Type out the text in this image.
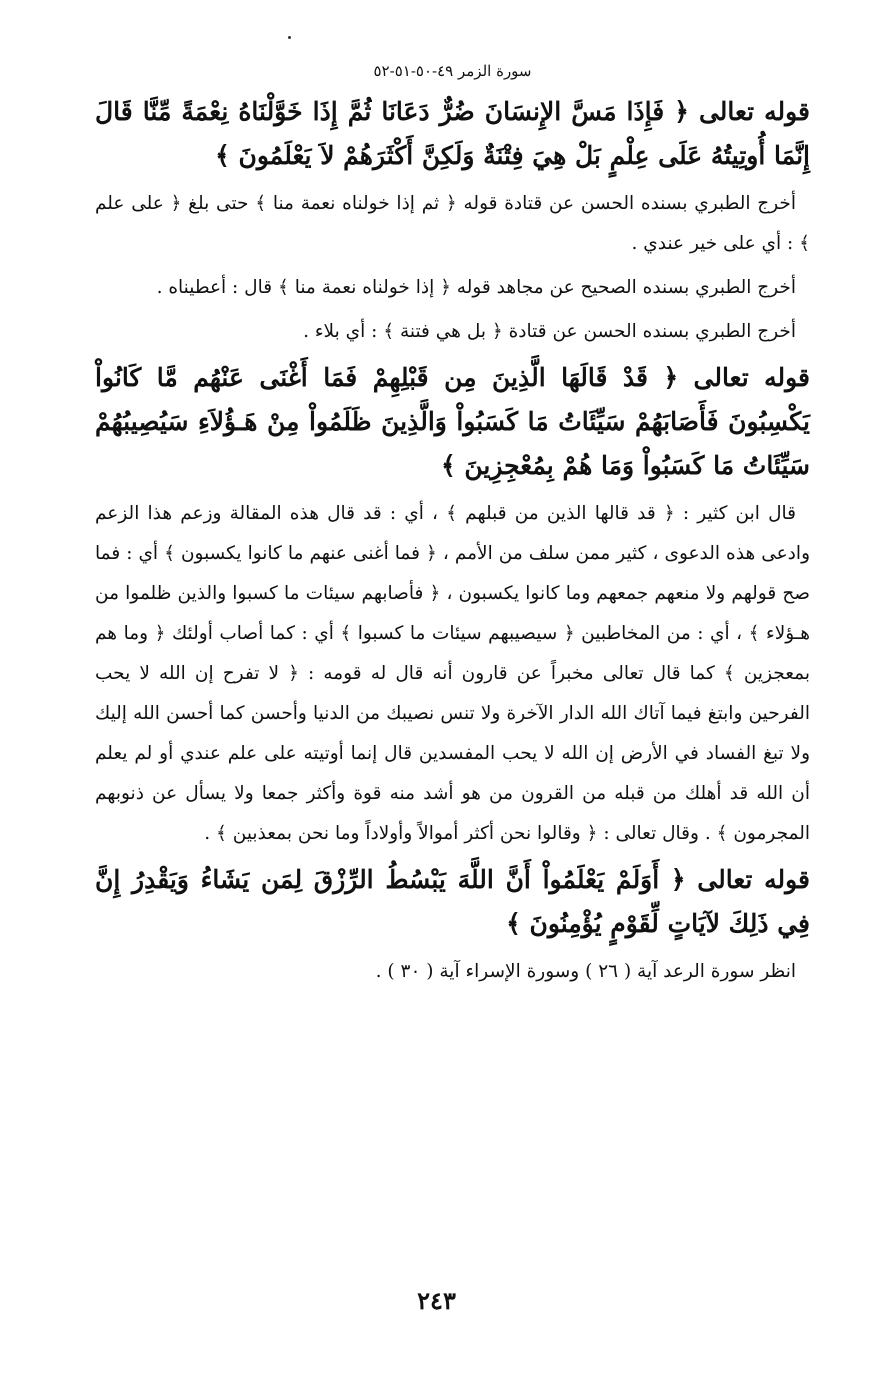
سورة الزمر ٤٩-٥٠-٥١-٥٢
قوله تعالى ﴿ فَإِذَا مَسَّ الإِنسَانَ ضُرٌّ دَعَانَا ثُمَّ إِذَا خَوَّلْنَاهُ نِعْمَةً مِّنَّا قَالَ إِنَّمَا أُوتِيتُهُ عَلَى عِلْمٍ بَلْ هِيَ فِتْنَةٌ وَلَكِنَّ أَكْثَرَهُمْ لاَ يَعْلَمُونَ ﴾
أخرج الطبري بسنده الحسن عن قتادة قوله ﴿ ثم إذا خولناه نعمة منا ﴾ حتى بلغ ﴿ على علم ﴾ : أي على خير عندي .
أخرج الطبري بسنده الصحيح عن مجاهد قوله ﴿ إذا خولناه نعمة منا ﴾ قال : أعطيناه .
أخرج الطبري بسنده الحسن عن قتادة ﴿ بل هي فتنة ﴾ : أي بلاء .
قوله تعالى ﴿ قَدْ قَالَهَا الَّذِينَ مِن قَبْلِهِمْ فَمَا أَغْنَى عَنْهُم مَّا كَانُواْ يَكْسِبُونَ فَأَصَابَهُمْ سَيِّئَاتُ مَا كَسَبُواْ وَالَّذِينَ ظَلَمُواْ مِنْ هَـؤُلاَءِ سَيُصِيبُهُمْ سَيِّئَاتُ مَا كَسَبُواْ وَمَا هُمْ بِمُعْجِزِينَ ﴾
قال ابن كثير : ﴿ قد قالها الذين من قبلهم ﴾ ، أي : قد قال هذه المقالة وزعم هذا الزعم وادعى هذه الدعوى ، كثير ممن سلف من الأمم ، ﴿ فما أغنى عنهم ما كانوا يكسبون ﴾ أي : فما صح قولهم ولا منعهم جمعهم وما كانوا يكسبون ، ﴿ فأصابهم سيئات ما كسبوا والذين ظلموا من هـؤلاء ﴾ ، أي : من المخاطبين ﴿ سيصيبهم سيئات ما كسبوا ﴾ أي : كما أصاب أولئك ﴿ وما هم بمعجزين ﴾ كما قال تعالى مخبراً عن قارون أنه قال له قومه : ﴿ لا تفرح إن الله لا يحب الفرحين وابتغ فيما آتاك الله الدار الآخرة ولا تنس نصيبك من الدنيا وأحسن كما أحسن الله إليك ولا تبغ الفساد في الأرض إن الله لا يحب المفسدين قال إنما أوتيته على علم عندي أو لم يعلم أن الله قد أهلك من قبله من القرون من هو أشد منه قوة وأكثر جمعا ولا يسأل عن ذنوبهم المجرمون ﴾ . وقال تعالى : ﴿ وقالوا نحن أكثر أموالاً وأولاداً وما نحن بمعذبين ﴾ .
قوله تعالى ﴿ أَوَلَمْ يَعْلَمُواْ أَنَّ اللَّهَ يَبْسُطُ الرِّزْقَ لِمَن يَشَاءُ وَيَقْدِرُ إِنَّ فِي ذَلِكَ لآيَاتٍ لِّقَوْمٍ يُؤْمِنُونَ ﴾
انظر سورة الرعد آية ( ٢٦ ) وسورة الإسراء آية ( ٣٠ ) .
٢٤٣
